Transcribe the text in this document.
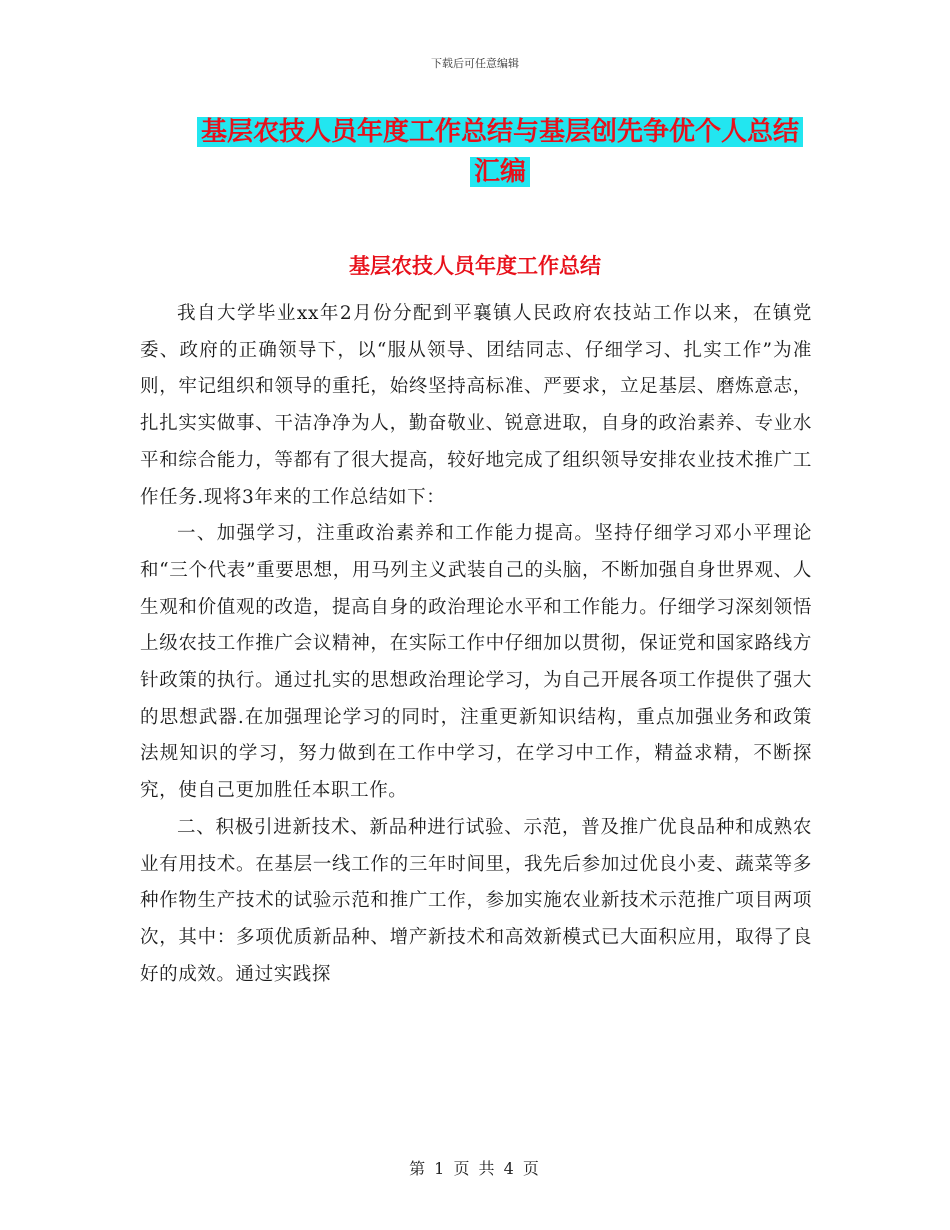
下载后可任意编辑
基层农技人员年度工作总结与基层创先争优个人总结
汇编
基层农技人员年度工作总结

我自大学毕业xx年2月份分配到平襄镇人民政府农技站工作以来，在镇党委、政府的正确领导下，以“服从领导、团结同志、仔细学习、扎实工作”为准则，牢记组织和领导的重托，始终坚持高标准、严要求，立足基层、磨炼意志，扎扎实实做事、干洁净净为人，勤奋敬业、锐意进取，自身的政治素养、专业水平和综合能力，等都有了很大提高，较好地完成了组织领导安排农业技术推广工作任务.现将3年来的工作总结如下：

一、加强学习，注重政治素养和工作能力提高。坚持仔细学习邓小平理论和“三个代表”重要思想，用马列主义武装自己的头脑，不断加强自身世界观、人生观和价值观的改造，提高自身的政治理论水平和工作能力。仔细学习深刻领悟上级农技工作推广会议精神，在实际工作中仔细加以贯彻，保证党和国家路线方针政策的执行。通过扎实的思想政治理论学习，为自己开展各项工作提供了强大的思想武器.在加强理论学习的同时，注重更新知识结构，重点加强业务和政策法规知识的学习，努力做到在工作中学习，在学习中工作，精益求精，不断探究，使自己更加胜任本职工作。

二、积极引进新技术、新品种进行试验、示范，普及推广优良品种和成熟农业有用技术。在基层一线工作的三年时间里，我先后参加过优良小麦、蔬菜等多种作物生产技术的试验示范和推广工作，参加实施农业新技术示范推广项目两项次，其中：多项优质新品种、增产新技术和高效新模式已大面积应用，取得了良好的成效。通过实践探

第 1 页 共 4 页
